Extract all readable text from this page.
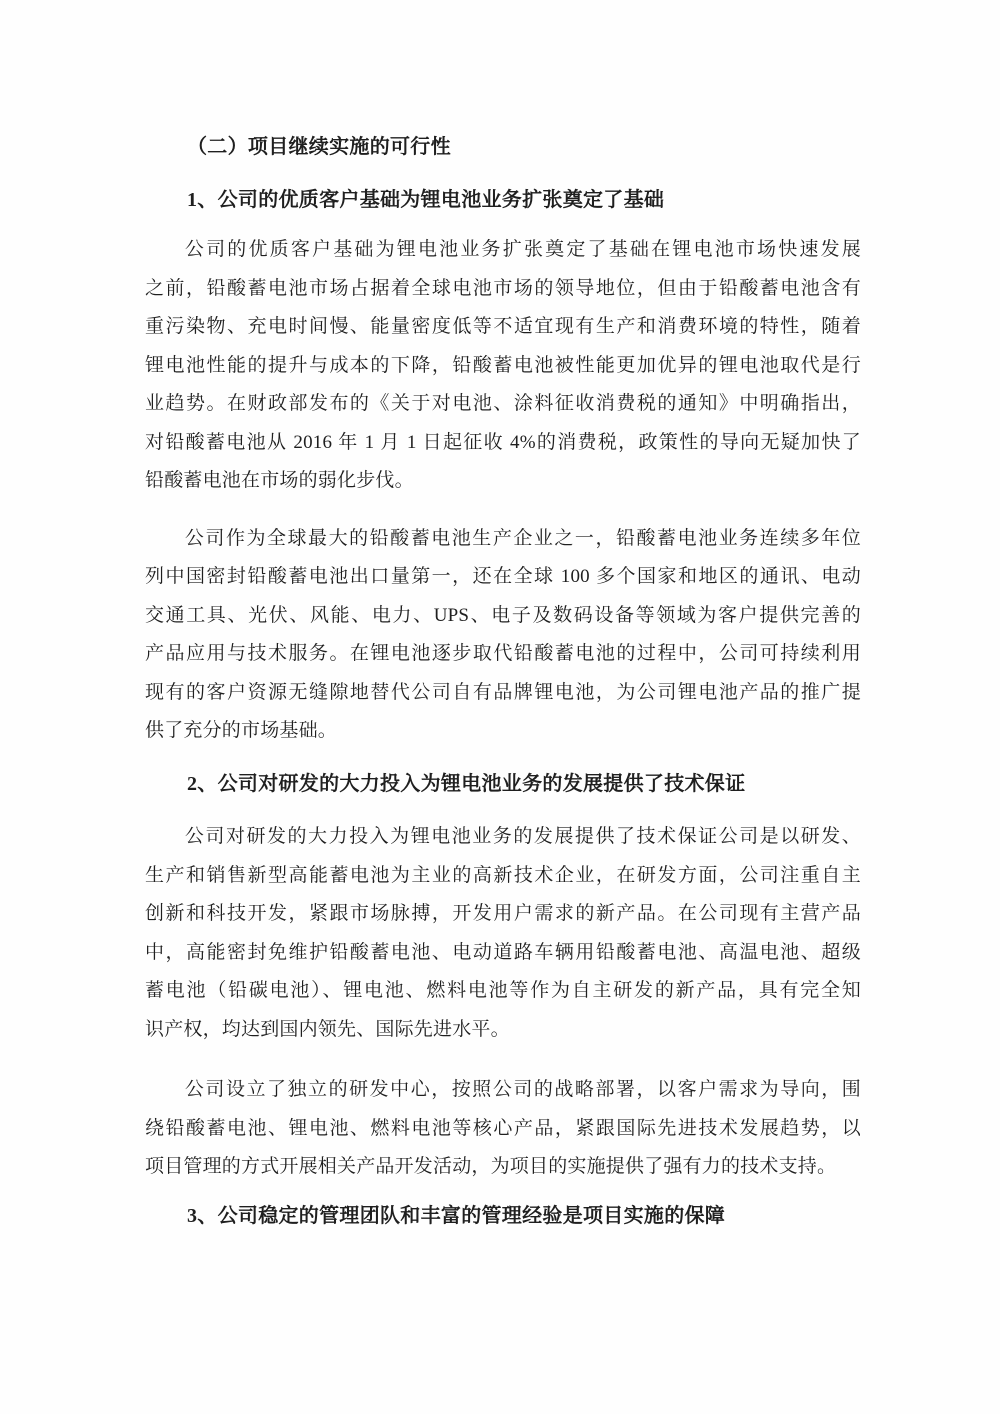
（二）项目继续实施的可行性
1、公司的优质客户基础为锂电池业务扩张奠定了基础
公司的优质客户基础为锂电池业务扩张奠定了基础在锂电池市场快速发展
之前，铅酸蓄电池市场占据着全球电池市场的领导地位，但由于铅酸蓄电池含有
重污染物、充电时间慢、能量密度低等不适宜现有生产和消费环境的特性，随着
锂电池性能的提升与成本的下降，铅酸蓄电池被性能更加优异的锂电池取代是行
业趋势。在财政部发布的《关于对电池、涂料征收消费税的通知》中明确指出，
对铅酸蓄电池从 2016 年 1 月 1 日起征收 4%的消费税，政策性的导向无疑加快了
铅酸蓄电池在市场的弱化步伐。
公司作为全球最大的铅酸蓄电池生产企业之一，铅酸蓄电池业务连续多年位
列中国密封铅酸蓄电池出口量第一，还在全球 100 多个国家和地区的通讯、电动
交通工具、光伏、风能、电力、UPS、电子及数码设备等领域为客户提供完善的
产品应用与技术服务。在锂电池逐步取代铅酸蓄电池的过程中，公司可持续利用
现有的客户资源无缝隙地替代公司自有品牌锂电池，为公司锂电池产品的推广提
供了充分的市场基础。
2、公司对研发的大力投入为锂电池业务的发展提供了技术保证
公司对研发的大力投入为锂电池业务的发展提供了技术保证公司是以研发、
生产和销售新型高能蓄电池为主业的高新技术企业，在研发方面，公司注重自主
创新和科技开发，紧跟市场脉搏，开发用户需求的新产品。在公司现有主营产品
中，高能密封免维护铅酸蓄电池、电动道路车辆用铅酸蓄电池、高温电池、超级
蓄电池（铅碳电池）、锂电池、燃料电池等作为自主研发的新产品，具有完全知
识产权，均达到国内领先、国际先进水平。
公司设立了独立的研发中心，按照公司的战略部署，以客户需求为导向，围
绕铅酸蓄电池、锂电池、燃料电池等核心产品，紧跟国际先进技术发展趋势，以
项目管理的方式开展相关产品开发活动，为项目的实施提供了强有力的技术支持。
3、公司稳定的管理团队和丰富的管理经验是项目实施的保障
